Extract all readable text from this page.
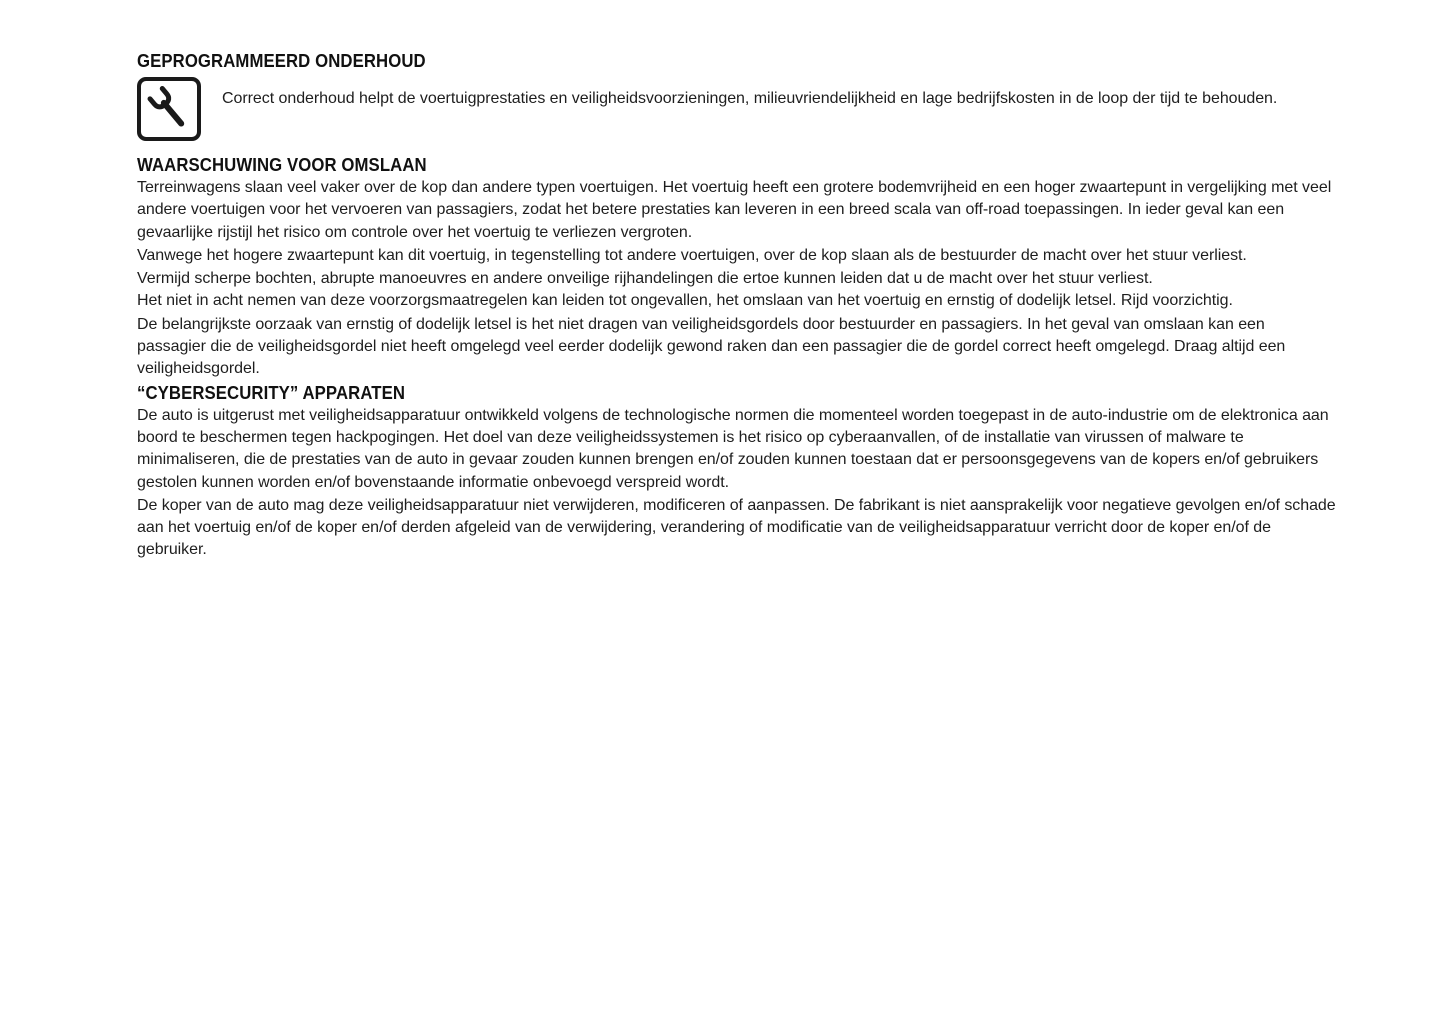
GEPROGRAMMEERD ONDERHOUD

Correct onderhoud helpt de voertuigprestaties en veiligheidsvoorzieningen, milieuvriendelijkheid en lage bedrijfskosten in de loop der tijd te behouden.

WAARSCHUWING VOOR OMSLAAN

Terreinwagens slaan veel vaker over de kop dan andere typen voertuigen. Het voertuig heeft een grotere bodemvrijheid en een hoger zwaartepunt in vergelijking met veel andere voertuigen voor het vervoeren van passagiers, zodat het betere prestaties kan leveren in een breed scala van off-road toepassingen. In ieder geval kan een gevaarlijke rijstijl het risico om controle over het voertuig te verliezen vergroten.

Vanwege het hogere zwaartepunt kan dit voertuig, in tegenstelling tot andere voertuigen, over de kop slaan als de bestuurder de macht over het stuur verliest.

Vermijd scherpe bochten, abrupte manoeuvres en andere onveilige rijhandelingen die ertoe kunnen leiden dat u de macht over het stuur verliest.

Het niet in acht nemen van deze voorzorgsmaatregelen kan leiden tot ongevallen, het omslaan van het voertuig en ernstig of dodelijk letsel. Rijd voorzichtig.

De belangrijkste oorzaak van ernstig of dodelijk letsel is het niet dragen van veiligheidsgordels door bestuurder en passagiers. In het geval van omslaan kan een passagier die de veiligheidsgordel niet heeft omgelegd veel eerder dodelijk gewond raken dan een passagier die de gordel correct heeft omgelegd. Draag altijd een veiligheidsgordel.

“CYBERSECURITY” APPARATEN

De auto is uitgerust met veiligheidsapparatuur ontwikkeld volgens de technologische normen die momenteel worden toegepast in de auto-industrie om de elektronica aan boord te beschermen tegen hackpogingen. Het doel van deze veiligheidssystemen is het risico op cyberaanvallen, of de installatie van virussen of malware te minimaliseren, die de prestaties van de auto in gevaar zouden kunnen brengen en/of zouden kunnen toestaan dat er persoonsgegevens van de kopers en/of gebruikers gestolen kunnen worden en/of bovenstaande informatie onbevoegd verspreid wordt.

De koper van de auto mag deze veiligheidsapparatuur niet verwijderen, modificeren of aanpassen. De fabrikant is niet aansprakelijk voor negatieve gevolgen en/of schade aan het voertuig en/of de koper en/of derden afgeleid van de verwijdering, verandering of modificatie van de veiligheidsapparatuur verricht door de koper en/of de gebruiker.
